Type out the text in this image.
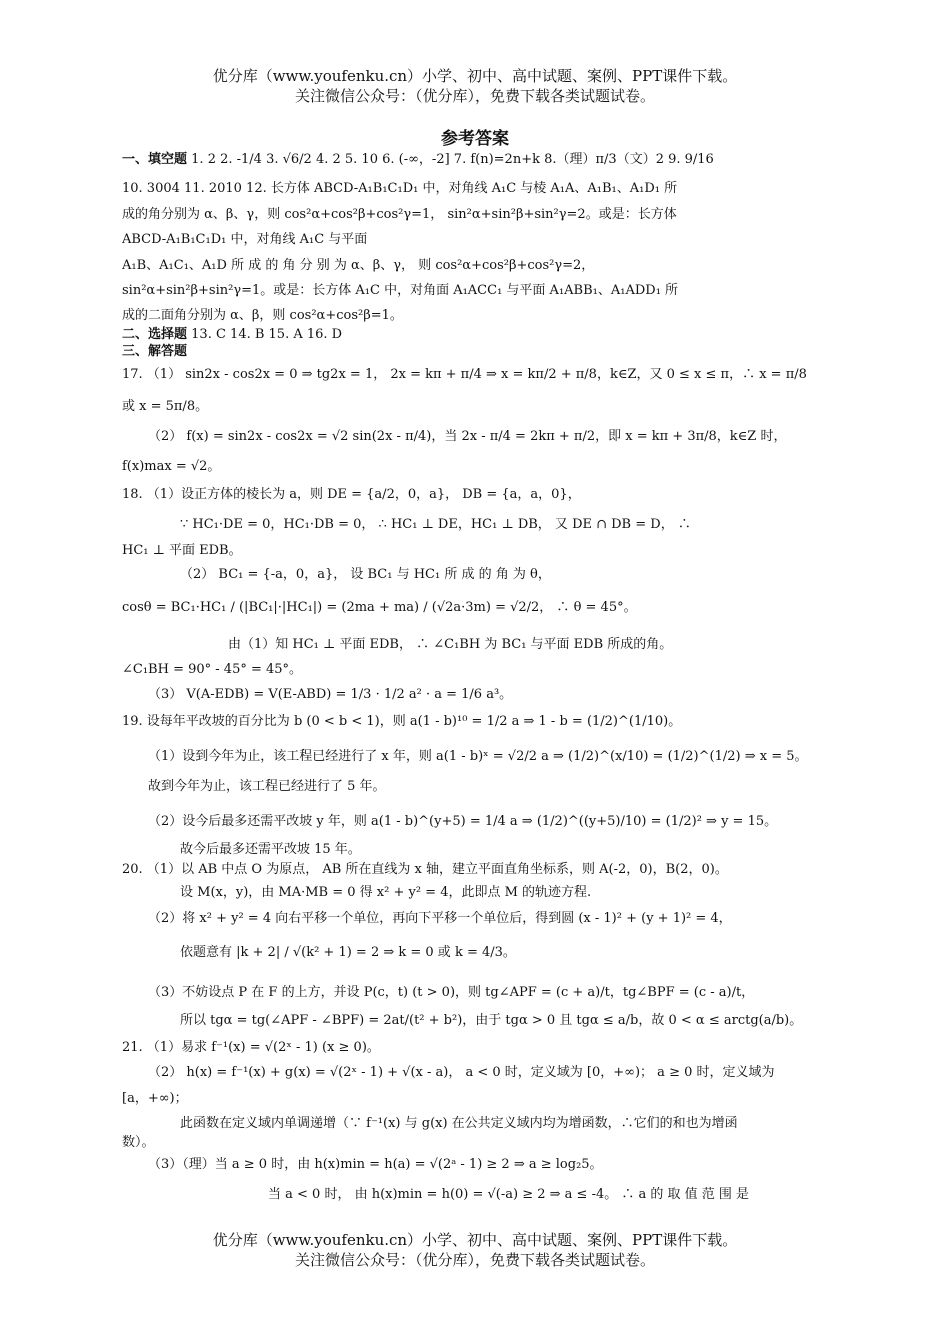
优分库（www.youfenku.cn）小学、初中、高中试题、案例、PPT课件下载。
关注微信公众号：（优分库），免费下载各类试题试卷。
参考答案
一、填空题 1. 2 2. -1/4 3. √6/2 4. 2 5. 10 6. (-∞，-2] 7. f(n)=2n+k 8.（理）π/3（文）2 9. 9/16
10. 3004 11. 2010 12. 长方体 ABCD-A₁B₁C₁D₁ 中，对角线 A₁C 与棱 A₁A、A₁B₁、A₁D₁ 所
成的角分别为 α、β、γ，则 cos²α+cos²β+cos²γ=1， sin²α+sin²β+sin²γ=2。或是：长方体
ABCD-A₁B₁C₁D₁ 中，对角线 A₁C 与平面
A₁B、A₁C₁、A₁D 所 成 的 角 分 别 为 α、β、γ， 则 cos²α+cos²β+cos²γ=2，
sin²α+sin²β+sin²γ=1。或是：长方体 A₁C 中，对角面 A₁ACC₁ 与平面 A₁ABB₁、A₁ADD₁ 所
成的二面角分别为 α、β，则 cos²α+cos²β=1。
二、选择题 13. C 14. B 15. A 16. D
三、解答题
17. （1） sin2x - cos2x = 0 ⇒ tg2x = 1， 2x = kπ + π/4 ⇒ x = kπ/2 + π/8，k∈Z，又 0 ≤ x ≤ π，∴ x = π/8
或 x = 5π/8。
（2） f(x) = sin2x - cos2x = √2 sin(2x - π/4)，当 2x - π/4 = 2kπ + π/2，即 x = kπ + 3π/8，k∈Z 时，
f(x)max = √2。
18. （1）设正方体的棱长为 a，则 DE = {a/2，0，a}， DB = {a，a，0}，
∵ HC₁·DE = 0，HC₁·DB = 0， ∴ HC₁ ⊥ DE，HC₁ ⊥ DB， 又 DE ∩ DB = D， ∴
HC₁ ⊥ 平面 EDB。
（2） BC₁ = {-a，0，a}， 设 BC₁ 与 HC₁ 所 成 的 角 为 θ，
cosθ = BC₁·HC₁ / (|BC₁|·|HC₁|) = (2ma + ma) / (√2a·3m) = √2/2， ∴ θ = 45°。
由（1）知 HC₁ ⊥ 平面 EDB， ∴ ∠C₁BH 为 BC₁ 与平面 EDB 所成的角。
∠C₁BH = 90° - 45° = 45°。
（3） V(A-EDB) = V(E-ABD) = 1/3 · 1/2 a² · a = 1/6 a³。
19. 设每年平改坡的百分比为 b (0 < b < 1)，则 a(1 - b)¹⁰ = 1/2 a ⇒ 1 - b = (1/2)^(1/10)。
（1）设到今年为止，该工程已经进行了 x 年，则 a(1 - b)ˣ = √2/2 a ⇒ (1/2)^(x/10) = (1/2)^(1/2) ⇒ x = 5。
故到今年为止，该工程已经进行了 5 年。
（2）设今后最多还需平改坡 y 年，则 a(1 - b)^(y+5) = 1/4 a ⇒ (1/2)^((y+5)/10) = (1/2)² ⇒ y = 15。
故今后最多还需平改坡 15 年。
20. （1）以 AB 中点 O 为原点， AB 所在直线为 x 轴，建立平面直角坐标系，则 A(-2，0)，B(2，0)。
设 M(x，y)，由 MA·MB = 0 得 x² + y² = 4，此即点 M 的轨迹方程.
（2）将 x² + y² = 4 向右平移一个单位，再向下平移一个单位后，得到圆 (x - 1)² + (y + 1)² = 4，
依题意有 |k + 2| / √(k² + 1) = 2 ⇒ k = 0 或 k = 4/3。
（3）不妨设点 P 在 F 的上方，并设 P(c，t) (t > 0)，则 tg∠APF = (c + a)/t，tg∠BPF = (c - a)/t，
所以 tgα = tg(∠APF - ∠BPF) = 2at/(t² + b²)，由于 tgα > 0 且 tgα ≤ a/b，故 0 < α ≤ arctg(a/b)。
21. （1）易求 f⁻¹(x) = √(2ˣ - 1) (x ≥ 0)。
（2） h(x) = f⁻¹(x) + g(x) = √(2ˣ - 1) + √(x - a)， a < 0 时，定义域为 [0，+∞)； a ≥ 0 时，定义域为
[a，+∞)；
此函数在定义域内单调递增（∵ f⁻¹(x) 与 g(x) 在公共定义域内均为增函数，∴它们的和也为增函
数）。
（3）（理）当 a ≥ 0 时，由 h(x)min = h(a) = √(2ᵃ - 1) ≥ 2 ⇒ a ≥ log₂5。
当 a < 0 时， 由 h(x)min = h(0) = √(-a) ≥ 2 ⇒ a ≤ -4。 ∴ a 的 取 值 范 围 是
优分库（www.youfenku.cn）小学、初中、高中试题、案例、PPT课件下载。
关注微信公众号：（优分库），免费下载各类试题试卷。
